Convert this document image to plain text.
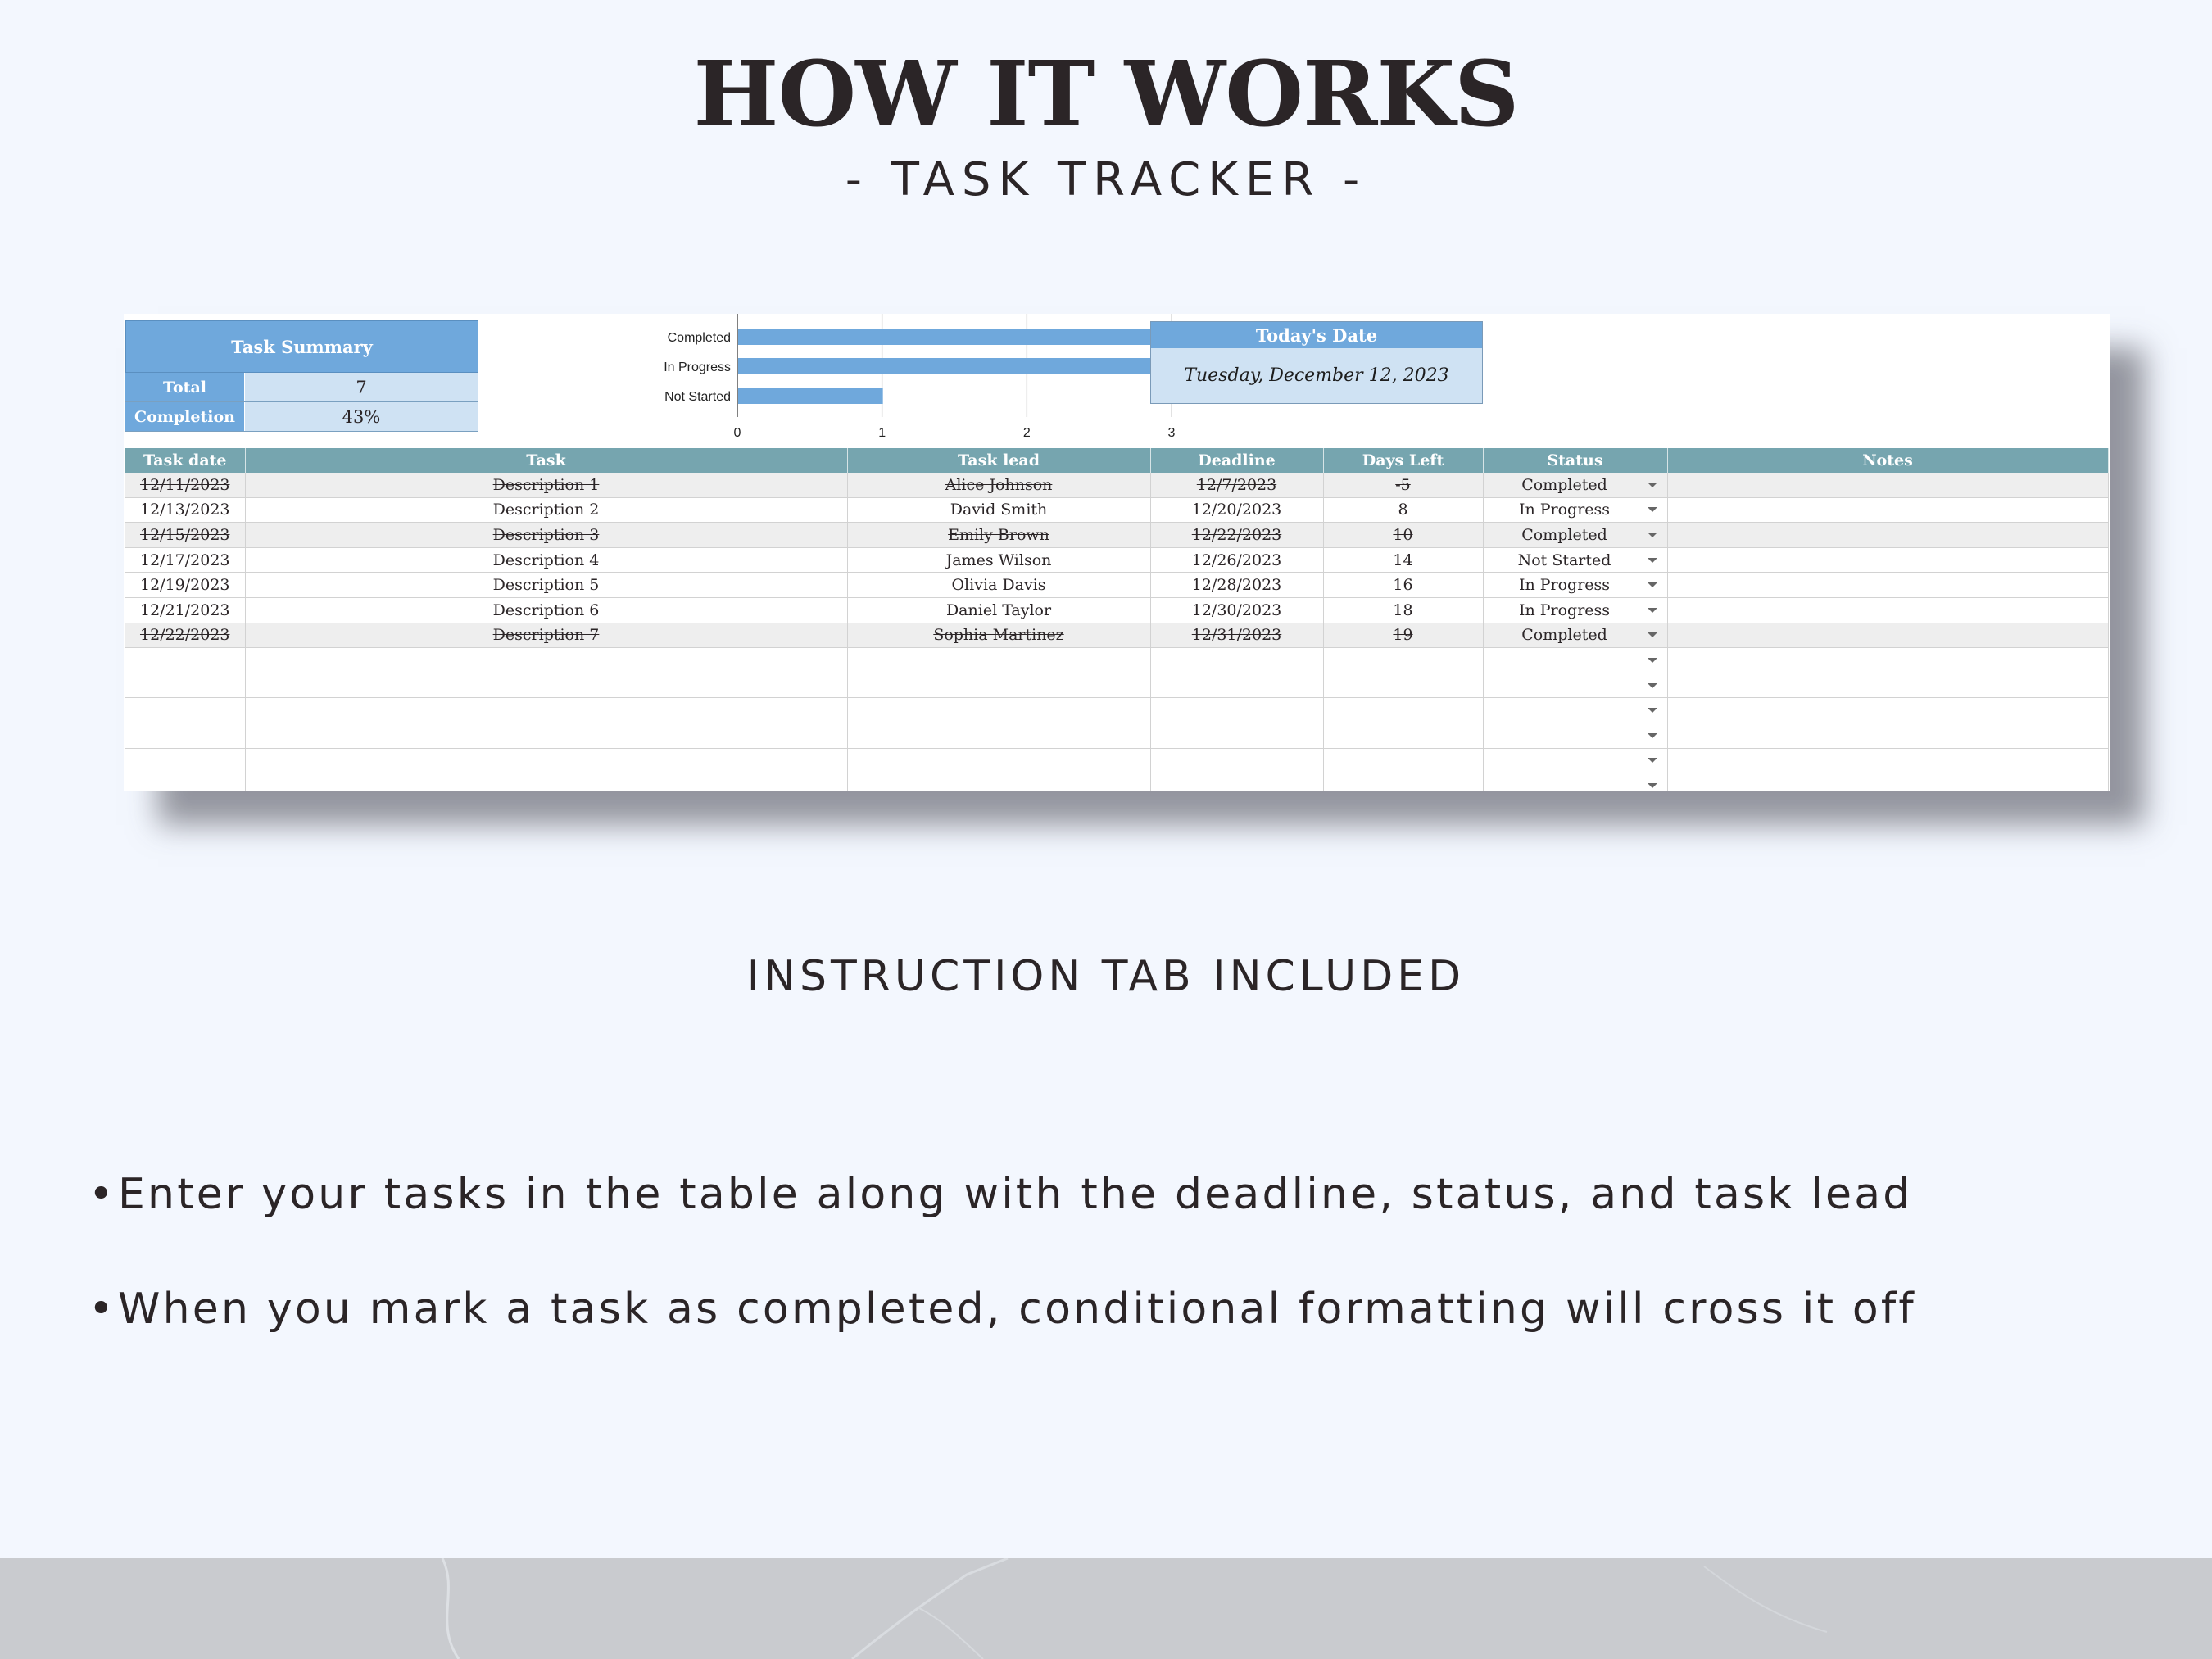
HOW IT WORKS
- TASK TRACKER -
Task Summary
Total	7
Completion	43%
0	1	2	3
Completed
In Progress
Not Started
Today's Date
Tuesday, December 12, 2023
Task date	Task	Task lead	Deadline	Days Left	Status	Notes
12/11/2023	Description 1	Alice Johnson	12/7/2023	-5	Completed

12/13/2023	Description 2	David Smith	12/20/2023	8	In Progress

12/15/2023	Description 3	Emily Brown	12/22/2023	10	Completed

12/17/2023	Description 4	James Wilson	12/26/2023	14	Not Started

12/19/2023	Description 5	Olivia Davis	12/28/2023	16	In Progress

12/21/2023	Description 6	Daniel Taylor	12/30/2023	18	In Progress

12/22/2023	Description 7	Sophia Martinez	12/31/2023	19	Completed

INSTRUCTION TAB INCLUDED
•Enter your tasks in the table along with the deadline, status, and task lead
•When you mark a task as completed, conditional formatting will cross it off
